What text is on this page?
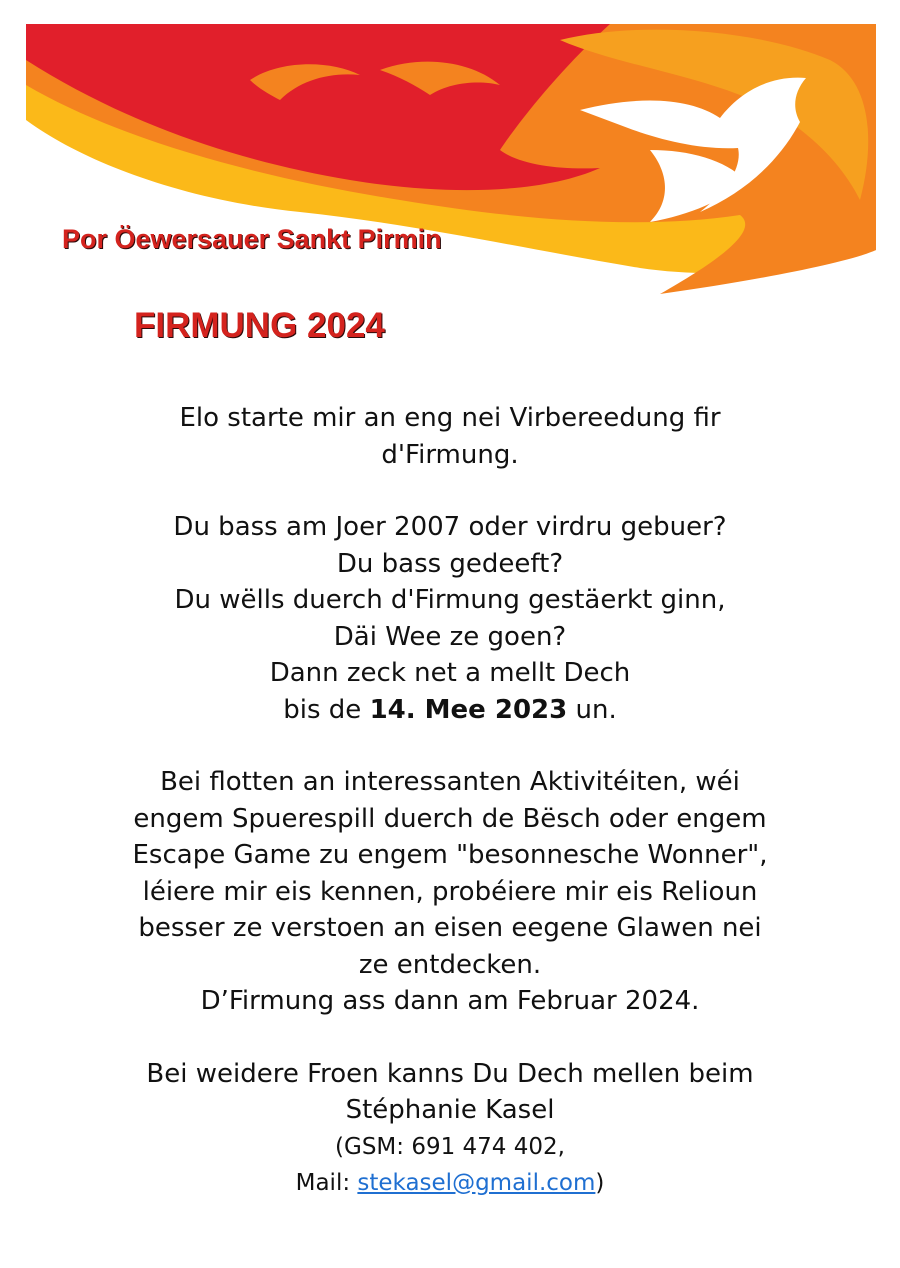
Por Öewersauer Sankt Pirmin
FIRMUNG 2024

Elo starte mir an eng nei Virbereedung fir

d'Firmung.

Du bass am Joer 2007 oder virdru gebuer?

Du bass gedeeft?

Du wëlls duerch d'Firmung gestäerkt ginn,

Däi Wee ze goen?

Dann zeck net a mellt Dech

bis de 14. Mee 2023 un.

Bei flotten an interessanten Aktivitéiten, wéi

engem Spuerespill duerch de Bësch oder engem

Escape Game zu engem "besonnesche Wonner",

léiere mir eis kennen, probéiere mir eis Relioun

besser ze verstoen an eisen eegene Glawen nei

ze entdecken.

D’Firmung ass dann am Februar 2024.

Bei weidere Froen kanns Du Dech mellen beim

Stéphanie Kasel

(GSM: 691 474 402,

Mail: stekasel@gmail.com)
